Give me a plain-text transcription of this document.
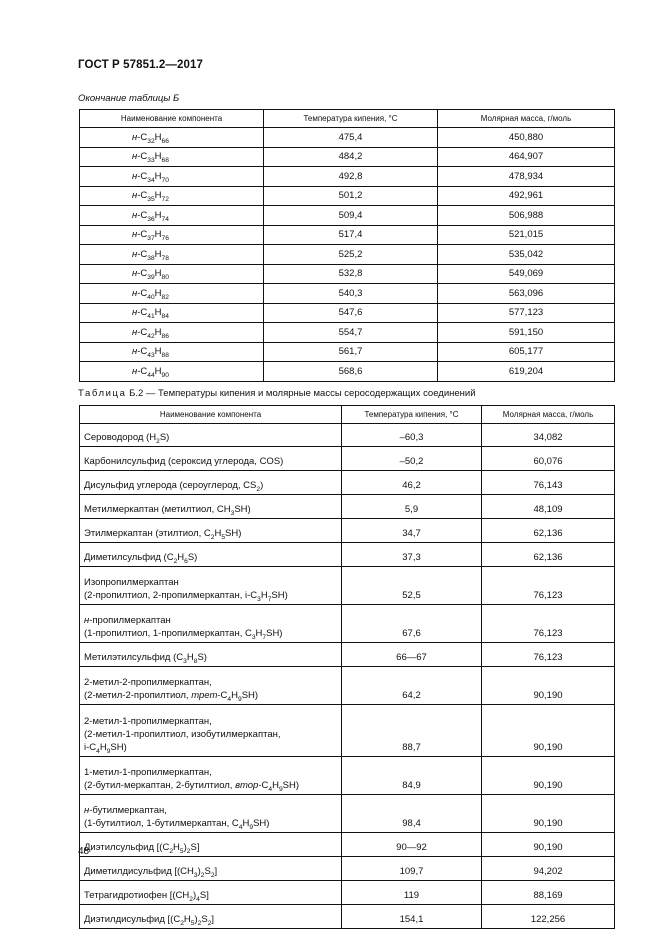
ГОСТ Р 57851.2—2017
Окончание таблицы Б
Наименование компонента	Температура кипения, °С	Молярная масса, г/моль
$н-C_{32}H_{66}$	475,4	450,880
$н-C_{33}H_{68}$	484,2	464,907
$н-C_{34}H_{70}$	492,8	478,934
$н-C_{35}H_{72}$	501,2	492,961
$н-C_{36}H_{74}$	509,4	506,988
$н-C_{37}H_{76}$	517,4	521,015
$н-C_{38}H_{78}$	525,2	535,042
$н-C_{39}H_{80}$	532,8	549,069
$н-C_{40}H_{82}$	540,3	563,096
$н-C_{41}H_{84}$	547,6	577,123
$н-C_{42}H_{86}$	554,7	591,150
$н-C_{43}H_{88}$	561,7	605,177
$н-C_{44}H_{90}$	568,6	619,204
Таблица Б.2 — Температуры кипения и молярные массы серосодержащих соединений
Наименование компонента	Температура кипения, °С	Молярная масса, г/моль
Сероводород $(H_2S)$	–60,3	34,082
Карбонилсульфид (сероксид углерода, COS)	–50,2	60,076
Дисульфид углерода (сероуглерод, $CS_2$)	46,2	76,143
Метилмеркаптан (метилтиол, $CH_3SH$)	5,9	48,109
Этилмеркаптан (этилтиол, $C_2H_5SH$)	34,7	62,136
Диметилсульфид $(C_2H_6S)$	37,3	62,136
Изопропилмеркаптан
(2-пропилтиол, 2-пропилмеркаптан, $i-C_3H_7SH$)	52,5	76,123
н-пропилмеркаптан
(1-пропилтиол, 1-пропилмеркаптан, $C_3H_7SH$)	67,6	76,123
Метилэтилсульфид $(C_3H_8S)$	66—67	76,123
2-метил-2-пропилмеркаптан,
(2-метил-2-пропилтиол, трет-$C_4H_9SH$)	64,2	90,190
2-метил-1-пропилмеркаптан,
(2-метил-1-пропилтиол, изобутилмеркаптан,
$i-C_4H_9SH$)	88,7	90,190
1-метил-1-пропилмеркаптан,
(2-бутил-меркаптан, 2-бутилтиол, втор-$C_4H_9SH$)	84,9	90,190
н-бутилмеркаптан,
(1-бутилтиол, 1-бутилмеркаптан, $C_4H_9SH$)	98,4	90,190
Диэтилсульфид $[(C_2H_5)_2S]$	90—92	90,190
Диметилдисульфид $[(CH_3)_2S_2]$	109,7	94,202
Тетрагидротиофен $[(CH_2)_4S]$	119	88,169
Диэтилдисульфид $[(C_2H_5)_2S_2]$	154,1	122,256
48
